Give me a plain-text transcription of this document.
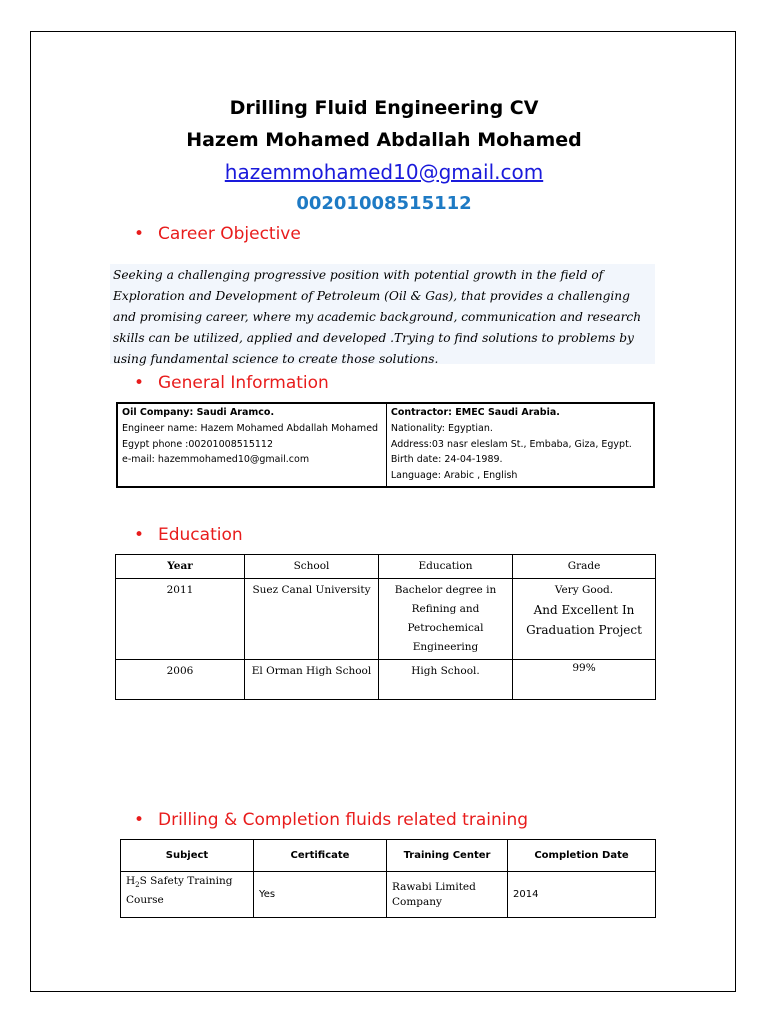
Drilling Fluid Engineering CV
Hazem Mohamed Abdallah Mohamed
hazemmohamed10@gmail.com
00201008515112
• Career Objective
Seeking a challenging progressive position with potential growth in the field of Exploration and Development of Petroleum (Oil & Gas), that provides a challenging and promising career, where my academic background, communication and research skills can be utilized, applied and developed .Trying to find solutions to problems by using fundamental science to create those solutions.
• General Information
Oil Company: Saudi Aramco.
Engineer name: Hazem Mohamed Abdallah Mohamed
Egypt phone :00201008515112
e-mail: hazemmohamed10@gmail.com

Contractor: EMEC Saudi Arabia.
Nationality: Egyptian.
Address:03 nasr eleslam St., Embaba, Giza, Egypt.
Birth date: 24-04-1989.
Language: Arabic , English
• Education
Year	School	Education	Grade
2011	Suez Canal University	Bachelor degree in Refining and Petrochemical Engineering	Very Good.
And Excellent In Graduation Project

2006	El Orman High School	High School.	99%
• Drilling & Completion fluids related training
Subject	Certificate	Training Center	Completion Date
$H_2S$ Safety Training Course	Yes	Rawabi Limited Company	2014
